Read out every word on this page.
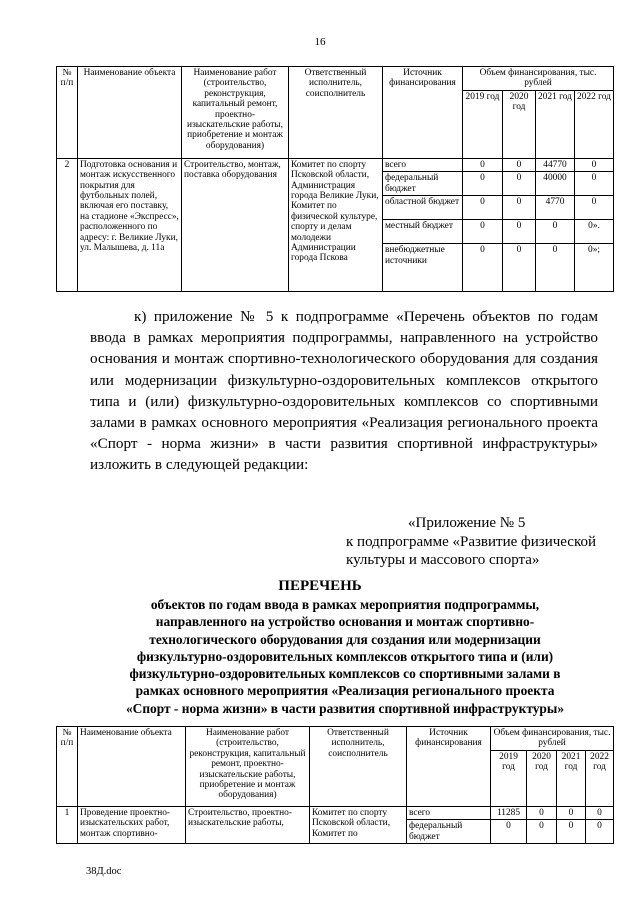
16
№ п/п	Наименование объекта	Наименование работ (строительство, реконструкция, капитальный ремонт, проектно-изыскательские работы, приобретение и монтаж оборудования)	Ответственный исполнитель, соисполнитель	Источник финансирования	Объем финансирования, тыс. рублей			
					2019 год	2020 год	2021 год	2022 год
2	Подготовка основания и монтаж искусственного покрытия для футбольных полей, включая его поставку, на стадионе «Экспресс», расположенного по адресу: г. Великие Луки, ул. Малышева, д. 11а	Строительство, монтаж, поставка оборудования	Комитет по спорту Псковской области, Администрация города Великие Луки, Комитет по физической культуре, спорту и делам молодежи Администрации города Пскова	всего	0	0	44770	0
				федеральный бюджет	0	0	40000	0
				областной бюджет	0	0	4770	0
				местный бюджет	0	0	0	0».
				внебюджетные источники	0	0	0	0»;
к) приложение № 5 к подпрограмме «Перечень объектов по годам ввода в рамках мероприятия подпрограммы, направленного на устройство основания и монтаж спортивно-технологического оборудования для создания или модернизации физкультурно-оздоровительных комплексов открытого типа и (или) физкультурно-оздоровительных комплексов со спортивными залами в рамках основного мероприятия «Реализация регионального проекта «Спорт - норма жизни» в части развития спортивной инфраструктуры» изложить в следующей редакции:
«Приложение № 5
к подпрограмме «Развитие физической
культуры и массового спорта»
ПЕРЕЧЕНЬ
объектов по годам ввода в рамках мероприятия подпрограммы,
направленного на устройство основания и монтаж спортивно-
технологического оборудования для создания или модернизации
физкультурно-оздоровительных комплексов открытого типа и (или)
физкультурно-оздоровительных комплексов со спортивными залами в
рамках основного мероприятия «Реализация регионального проекта
«Спорт - норма жизни» в части развития спортивной инфраструктуры»
№ п/п	Наименование объекта	Наименование работ (строительство, реконструкция, капитальный ремонт, проектно-изыскательские работы, приобретение и монтаж оборудования)	Ответственный исполнитель, соисполнитель	Источник финансирования	Объем финансирования, тыс. рублей			
					2019 год	2020 год	2021 год	2022 год
1	Проведение проектно-изыскательских работ, монтаж спортивно-	Строительство, проектно-изыскательские работы,	Комитет по спорту Псковской области, Комитет по	всего	11285	0	0	0
				федеральный бюджет	0	0	0	0
38Д.doc
